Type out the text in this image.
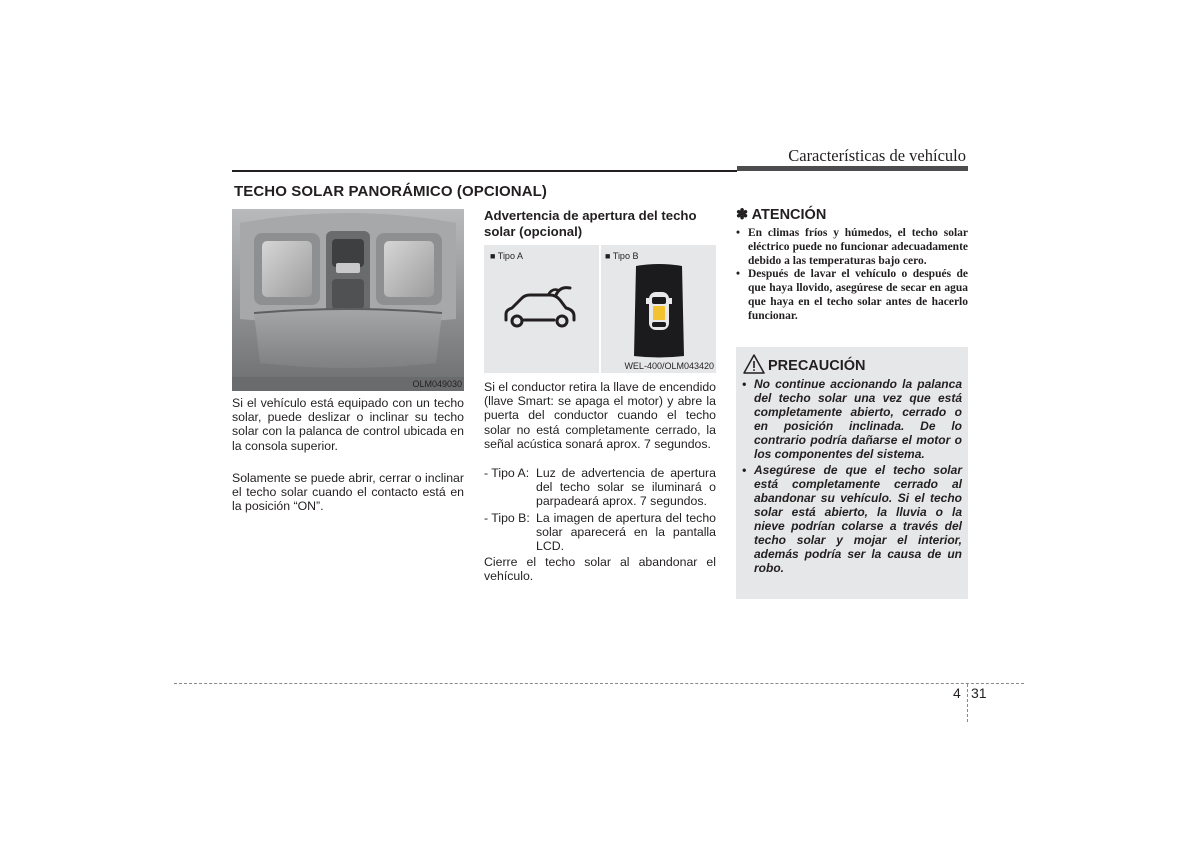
Características de vehículo
TECHO SOLAR PANORÁMICO (OPCIONAL)
OLM049030
Si el vehículo está equipado con un techo solar, puede deslizar o inclinar su techo solar con la palanca de control ubicada en la consola superior.
Solamente se puede abrir, cerrar o inclinar el techo solar cuando el contacto está en la posición “ON”.
Advertencia de apertura del techo solar (opcional)
■ Tipo A	■ Tipo B
WEL-400/OLM043420
Si el conductor retira la llave de encendido (llave Smart: se apaga el motor) y abre la puerta del conductor cuando el techo solar no está completamente cerrado, la señal acústica sonará aprox. 7 segundos.
- Tipo A: Luz de advertencia de apertura del techo solar se iluminará o parpadeará aprox. 7 segundos.
- Tipo B: La imagen de apertura del techo solar aparecerá en la pantalla LCD.
Cierre el techo solar al abandonar el vehículo.
✽ ATENCIÓN
• En climas fríos y húmedos, el techo solar eléctrico puede no funcionar adecuadamente debido a las temperaturas bajo cero.
• Después de lavar el vehículo o después de que haya llovido, asegúrese de secar en agua que haya en el techo solar antes de hacerlo funcionar.
PRECAUCIÓN
• No continue accionando la palanca del techo solar una vez que está completamente abierto, cerrado o en posición inclinada. De lo contrario podría dañarse el motor o los componentes del sistema.
• Asegúrese de que el techo solar está completamente cerrado al abandonar su vehículo. Si el techo solar está abierto, la lluvia o la nieve podrían colarse a través del techo solar y mojar el interior, además podría ser la causa de un robo.
4 31
